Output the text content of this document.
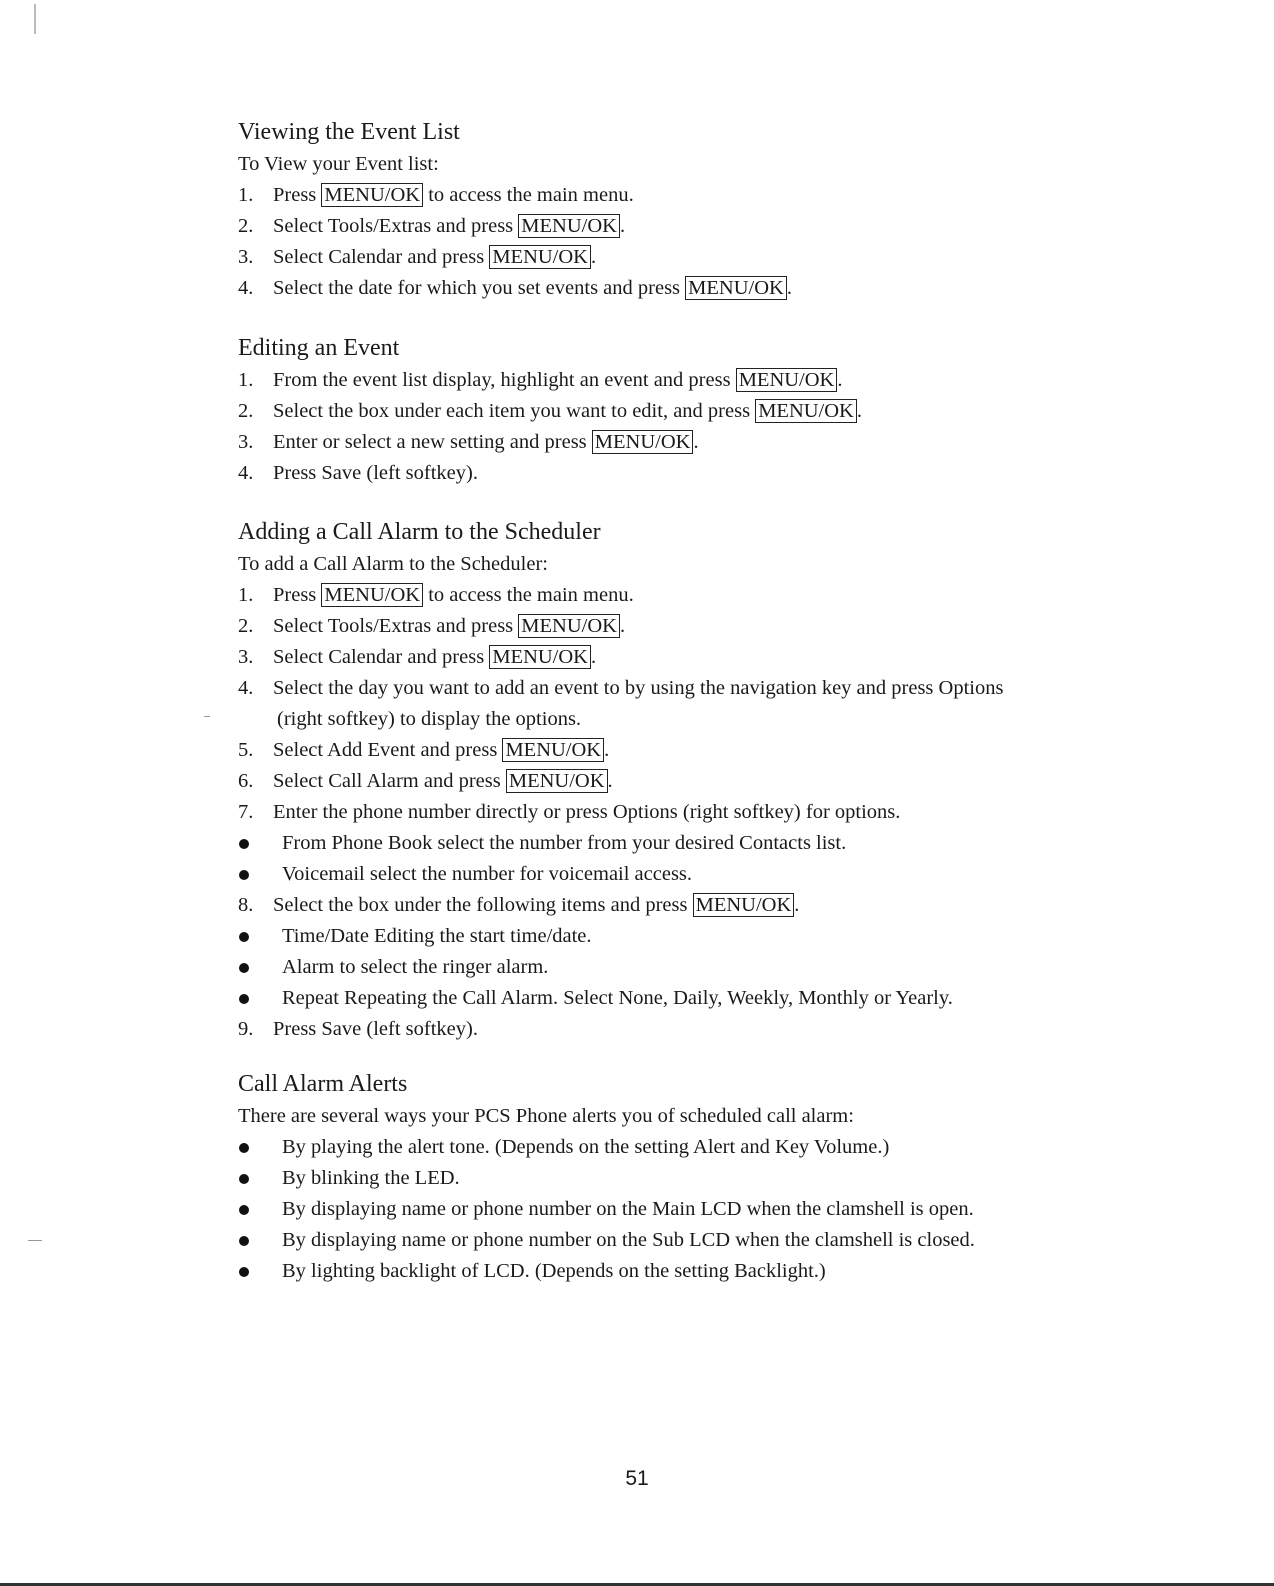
Viewing the Event List
To View your Event list:
1. Press MENU/OK to access the main menu.
2. Select Tools/Extras and press MENU/OK .
3. Select Calendar and press MENU/OK .
4. Select the date for which you set events and press MENU/OK .
Editing an Event
1. From the event list display, highlight an event and press MENU/OK .
2. Select the box under each item you want to edit, and press MENU/OK .
3. Enter or select a new setting and press MENU/OK .
4. Press Save (left softkey).
Adding a Call Alarm to the Scheduler
To add a Call Alarm to the Scheduler:
1. Press MENU/OK to access the main menu.
2. Select Tools/Extras and press MENU/OK .
3. Select Calendar and press MENU/OK .
4. Select the day you want to add an event to by using the navigation key and press Options
(right softkey) to display the options.
5. Select Add Event and press MENU/OK .
6. Select Call Alarm and press MENU/OK .
7. Enter the phone number directly or press Options (right softkey) for options.
From Phone Book select the number from your desired Contacts list.
Voicemail select the number for voicemail access.
8. Select the box under the following items and press MENU/OK .
Time/Date Editing the start time/date.
Alarm to select the ringer alarm.
Repeat Repeating the Call Alarm. Select None, Daily, Weekly, Monthly or Yearly.
9. Press Save (left softkey).
Call Alarm Alerts
There are several ways your PCS Phone alerts you of scheduled call alarm:
By playing the alert tone. (Depends on the setting Alert and Key Volume.)
By blinking the LED.
By displaying name or phone number on the Main LCD when the clamshell is open.
By displaying name or phone number on the Sub LCD when the clamshell is closed.
By lighting backlight of LCD. (Depends on the setting Backlight.)
51
